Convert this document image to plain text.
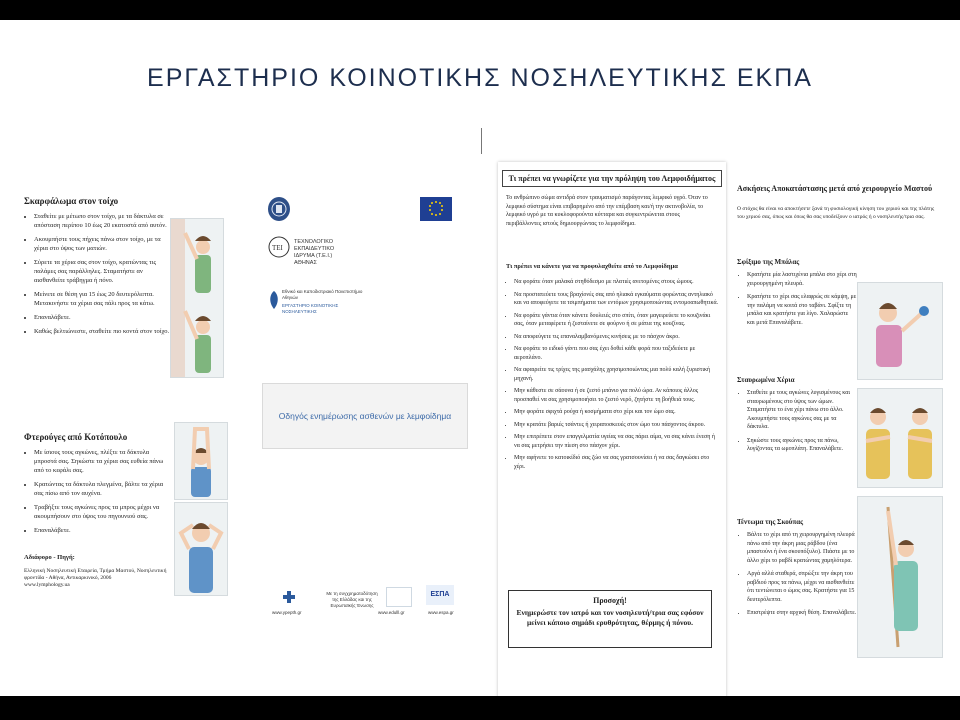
ΕΡΓΑΣΤΗΡΙΟ ΚΟΙΝΟΤΙΚΗΣ ΝΟΣΗΛΕΥΤΙΚΗΣ ΕΚΠΑ
Σκαρφάλωμα στον τοίχο
• Σταθείτε με μέτωπο στον τοίχο, με τα δάκτυλα σε απόσταση περίπου 10 έως 20 εκατοστά από αυτόν.
• Ακουμπήστε τους πήχεις πάνω στον τοίχο, με τα χέρια στο ύψος των ματιών.
• Σύρετε τα χέρια σας στον τοίχο, κρατώντας τις παλάμες σας παράλληλες. Σταματήστε αν αισθανθείτε τράβηγμα ή πόνο.
• Μείνετε σε θέση για 15 έως 20 δευτερόλεπτα. Μετακινήστε τα χέρια σας πάλι προς τα κάτω.
• Επαναλάβετε.
• Καθώς βελτιώνεστε, σταθείτε πιο κοντά στον τοίχο.
Φτερούγες από Κοτόπουλο
• Με ίσιους τους αγκώνες, πλέξτε τα δάκτυλα μπροστά σας. Σηκώστε τα χέρια σας ευθεία πάνω από το κεφάλι σας.
• Κρατώντας τα δάκτυλα πλεγμένα, βάλτε τα χέρια σας πίσω από τον αυχένα.
• Τραβήξτε τους αγκώνες προς τα μπρος μέχρι να ακουμπήσουν στο ύψος του πηγουνιού σας.
• Επαναλάβετε.
Αδιάφορο - Πηγή:
Ελληνική Νοσηλευτική Εταιρεία, Τμήμα Μαστού, Νοσηλευτική φροντίδα - Αθήνα, Αντικαρκινικό, 2006
www.lymphology.ua
ΤΕΙ
ΤΕΧΝΟΛΟΓΙΚΟ ΕΚΠΑΙΔΕΥΤΙΚΟ ΙΔΡΥΜΑ (Τ.Ε.Ι.) ΑΘΗΝΑΣ
Εθνικό και Καποδιστριακό Πανεπιστήμιο Αθηνών
ΕΡΓΑΣΤΗΡΙΟ ΚΟΙΝΟΤΙΚΗΣ ΝΟΣΗΛΕΥΤΙΚΗΣ
Οδηγός ενημέρωσης ασθενών με λεμφοίδημα
www.ypepth.gr
Με τη συγχρηματοδότηση της Ελλάδας και της Ευρωπαϊκής Ένωσης
www.edulll.gr
ΕΣΠΑ
www.espa.gr
Τι πρέπει να γνωρίζετε για την πρόληψη του Λεμφοιδήματος
Το ανθρώπινο σώμα αντιδρά στον τραυματισμό παράγοντας λεμφικό υγρό. Όταν το λεμφικό σύστημα είναι επιβαρημένο από την επέμβαση και/ή την ακτινοβολία, το λεμφικό υγρό με τα κυκλοφορούντα κύτταρα και συγκεντρώνεται στους περιβάλλοντες ιστούς δημιουργώντας το λεμφοίδημα.
Τι πρέπει να κάνετε για να προφυλαχθείτε από το Λεμφοίδημα
• Να φοράτε όταν μαλακά στηθόδεσμο με πλατιές ανετομένες στους ώμους.
• Να προστατεύετε τους βραχίονές σας από ηλιακά εγκαύματα φορώντας αντηλιακό και να αποφεύγετε τα τσιμπήματα των εντόμων χρησιμοποιώντας εντομοαπωθητικά.
• Να φοράτε γάντια όταν κάνετε δουλειές στο σπίτι, όταν μαγειρεύετε το κουζινάκι σας, όταν μεταφέρετε ή ζεσταίνετε σε φούρνο ή σε μάτια της κουζίνας.
• Να αποφεύγετε τις επαναλαμβανόμενες κινήσεις με το πάσχον άκρο.
• Να φοράτε το ειδικό γάντι που σας έχει δοθεί κάθε φορά που ταξιδεύετε με αεροπλάνο.
• Να αφαιρείτε τις τρίχες της μασχάλης χρησιμοποιώντας μια πολύ καλή ξυριστική μηχανή.
• Μην κάθεστε σε σάουνα ή σε ζεστό μπάνιο για πολύ ώρα. Αν κάποιος άλλος προσπαθεί να σας χρησιμοποιήσει το ζεστό νερό, ζητήστε τη βοήθειά τους.
• Μην φοράτε σφιχτά ρούχα ή κοσμήματα στο χέρι και τον ώμο σας.
• Μην κρατάτε βαριές τσάντες ή χειραποσκευές στον ώμο του πάσχοντος άκρου.
• Μην επιτρέπετε στον επαγγελματία υγείας να σας πάρει αίμα, να σας κάνει ένεση ή να σας μετρήσει την πίεση στο πάσχον χέρι.
• Μην αφήνετε το κατοικίδιό σας ζώο να σας γρατσουνίσει ή να σας δαγκώσει στο χέρι.
Προσοχή!
Ενημερώστε τον ιατρό και τον νοσηλευτή/τρια σας εφόσον μείνει κάποιο σημάδι ερυθρότητας, θέρμης ή πόνου.
Ασκήσεις Αποκατάστασης μετά από χειρουργείο Μαστού
Ο στόχος θα είναι να αποκτήσετε ξανά τη φυσιολογική κίνηση του χεριού και της πλάτης του χεριού σας, όπως και όπως θα σας υποδείξουν ο ιατρός ή ο νοσηλευτής/τρια σας.
Σφίξιμο της Μπάλας
• Κρατήστε μία λαστιχένια μπάλα στο χέρι στη χειρουργημένη πλευρά.
• Κρατήστε το χέρι σας ελαφρώς σε κάμψη, με την παλάμη να κοιτά στο ταβάνι. Σφίξτε τη μπάλα και κρατήστε για λίγο. Χαλαρώστε και μετά Επαναλάβετε.
Σταυρωμένα Χέρια
• Σταθείτε με τους αγκώνες λυγισμένους και σταυρωμένους στο ύψος των ώμων. Σταματήστε το ένα χέρι πάνω στο άλλο. Ακουμπήστε τους αγκώνες σας με τα δάκτυλα.
• Σηκώστε τους αγκώνες προς τα πάνω, λυγίζοντας τα ωμοπλάτη. Επαναλάβετε.
Τέντωμα της Σκούπας
• Βάλτε το χέρι από τη χειρουργημένη πλευρά πάνω από την άκρη μιας ράβδου (ένα μπαστούνι ή ένα σκουπόξυλο). Πιάστε με το άλλο χέρι το ραβδί κρατώντας χαμηλότερα.
• Αργά αλλά σταθερά, σπρώξτε την άκρη του ραβδιού προς τα πάνω, μέχρι να αισθανθείτε ότι τεντώνεται ο ώμος σας. Κρατήστε για 15 δευτερόλεπτα.
• Επιστρέψτε στην αρχική θέση. Επαναλάβετε.
